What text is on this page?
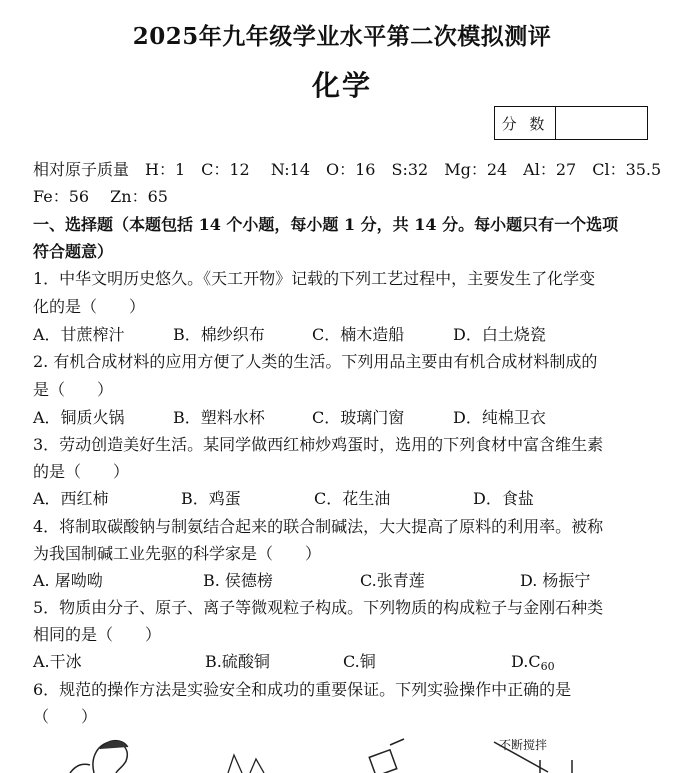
2025年九年级学业水平第二次模拟测评
化学
分 数
相对原子质量　H：1　C：12　 N:14　O：16　S:32　Mg：24　Al：27　Cl：35.5
Fe：56　 Zn：65
一、选择题（本题包括 14 个小题，每小题 1 分，共 14 分。每小题只有一个选项
符合题意）
1．中华文明历史悠久。《天工开物》记载的下列工艺过程中，主要发生了化学变
化的是（　　）
A．甘蔗榨汁	B．棉纱织布	C．楠木造船	D．白土烧瓷
2. 有机合成材料的应用方便了人类的生活。下列用品主要由有机合成材料制成的
是（　　）
A．铜质火锅	B．塑料水杯	C．玻璃门窗	D．纯棉卫衣
3．劳动创造美好生活。某同学做西红柿炒鸡蛋时，选用的下列食材中富含维生素
的是（　　）
A．西红柿	B．鸡蛋	C．花生油	D．食盐
4．将制取碳酸钠与制氨结合起来的联合制碱法，大大提高了原料的利用率。被称
为我国制碱工业先驱的科学家是（　　）
A. 屠呦呦	B. 侯德榜	C.张青莲	D. 杨振宁
5．物质由分子、原子、离子等微观粒子构成。下列物质的构成粒子与金刚石种类
相同的是（　　）
A.干冰	B.硫酸铜	C.铜	D.C60
6．规范的操作方法是实验安全和成功的重要保证。下列实验操作中正确的是
（　　）
不断搅拌
